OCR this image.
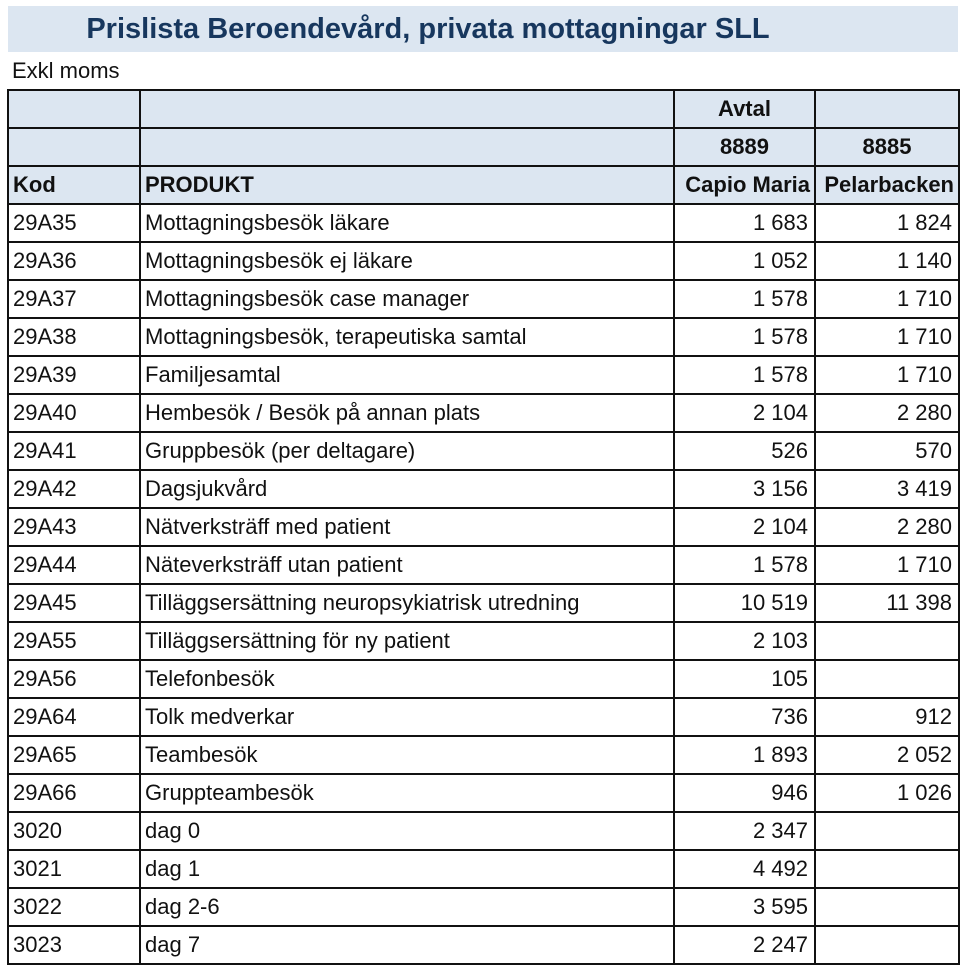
Prislista Beroendevård, privata mottagningar SLL
Exkl moms
		Avtal	
		8889	8885
Kod	PRODUKT	Capio Maria	Pelarbacken
29A35	Mottagningsbesök läkare	1 683	1 824
29A36	Mottagningsbesök ej läkare	1 052	1 140
29A37	Mottagningsbesök case manager	1 578	1 710
29A38	Mottagningsbesök, terapeutiska samtal	1 578	1 710
29A39	Familjesamtal	1 578	1 710
29A40	Hembesök / Besök på annan plats	2 104	2 280
29A41	Gruppbesök (per deltagare)	526	570
29A42	Dagsjukvård	3 156	3 419
29A43	Nätverksträff med patient	2 104	2 280
29A44	Näteverksträff utan patient	1 578	1 710
29A45	Tilläggsersättning neuropsykiatrisk utredning	10 519	11 398
29A55	Tilläggsersättning för ny patient	2 103	
29A56	Telefonbesök	105	
29A64	Tolk medverkar	736	912
29A65	Teambesök	1 893	2 052
29A66	Gruppteambesök	946	1 026
3020	dag 0	2 347	
3021	dag 1	4 492	
3022	dag 2-6	3 595	
3023	dag 7	2 247	
